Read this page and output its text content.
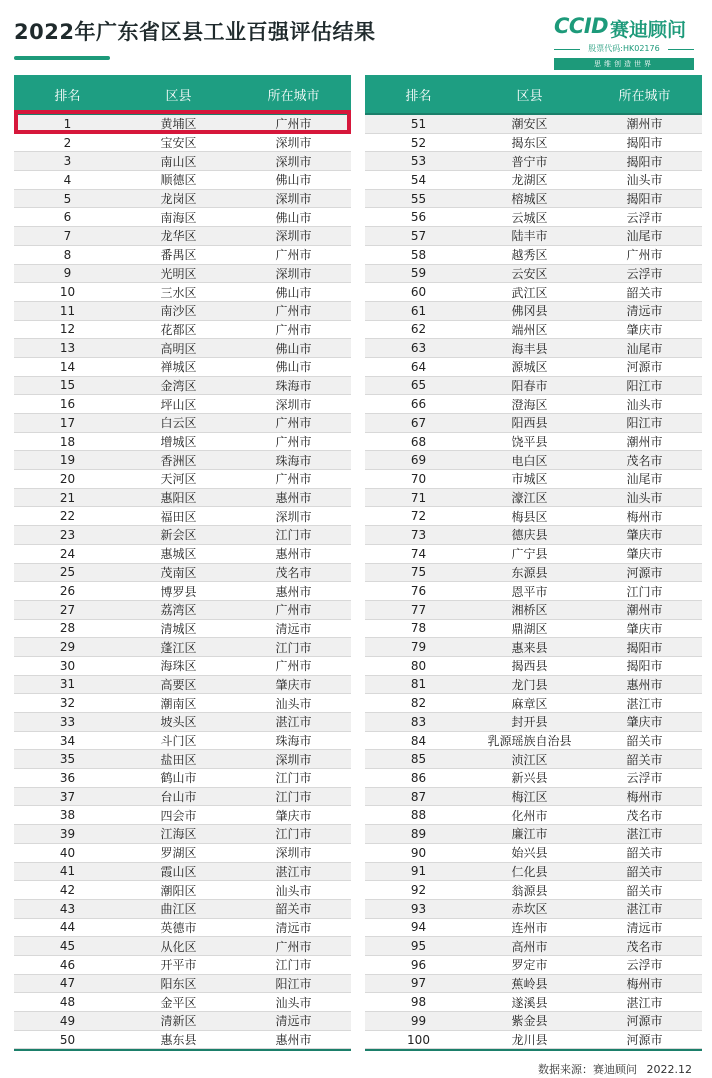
2022年广东省区县工业百强评估结果	CCID 赛迪顾问
股票代码:HK02176
思维创造世界
排名	区县	所在城市
1	黄埔区	广州市
2	宝安区	深圳市
3	南山区	深圳市
4	顺德区	佛山市
5	龙岗区	深圳市
6	南海区	佛山市
7	龙华区	深圳市
8	番禺区	广州市
9	光明区	深圳市
10	三水区	佛山市
11	南沙区	广州市
12	花都区	广州市
13	高明区	佛山市
14	禅城区	佛山市
15	金湾区	珠海市
16	坪山区	深圳市
17	白云区	广州市
18	增城区	广州市
19	香洲区	珠海市
20	天河区	广州市
21	惠阳区	惠州市
22	福田区	深圳市
23	新会区	江门市
24	惠城区	惠州市
25	茂南区	茂名市
26	博罗县	惠州市
27	荔湾区	广州市
28	清城区	清远市
29	蓬江区	江门市
30	海珠区	广州市
31	高要区	肇庆市
32	潮南区	汕头市
33	坡头区	湛江市
34	斗门区	珠海市
35	盐田区	深圳市
36	鹤山市	江门市
37	台山市	江门市
38	四会市	肇庆市
39	江海区	江门市
40	罗湖区	深圳市
41	霞山区	湛江市
42	潮阳区	汕头市
43	曲江区	韶关市
44	英德市	清远市
45	从化区	广州市
46	开平市	江门市
47	阳东区	阳江市
48	金平区	汕头市
49	清新区	清远市
50	惠东县	惠州市
排名	区县	所在城市
51	潮安区	潮州市
52	揭东区	揭阳市
53	普宁市	揭阳市
54	龙湖区	汕头市
55	榕城区	揭阳市
56	云城区	云浮市
57	陆丰市	汕尾市
58	越秀区	广州市
59	云安区	云浮市
60	武江区	韶关市
61	佛冈县	清远市
62	端州区	肇庆市
63	海丰县	汕尾市
64	源城区	河源市
65	阳春市	阳江市
66	澄海区	汕头市
67	阳西县	阳江市
68	饶平县	潮州市
69	电白区	茂名市
70	市城区	汕尾市
71	濠江区	汕头市
72	梅县区	梅州市
73	德庆县	肇庆市
74	广宁县	肇庆市
75	东源县	河源市
76	恩平市	江门市
77	湘桥区	潮州市
78	鼎湖区	肇庆市
79	惠来县	揭阳市
80	揭西县	揭阳市
81	龙门县	惠州市
82	麻章区	湛江市
83	封开县	肇庆市
84	乳源瑶族自治县	韶关市
85	浈江区	韶关市
86	新兴县	云浮市
87	梅江区	梅州市
88	化州市	茂名市
89	廉江市	湛江市
90	始兴县	韶关市
91	仁化县	韶关市
92	翁源县	韶关市
93	赤坎区	湛江市
94	连州市	清远市
95	高州市	茂名市
96	罗定市	云浮市
97	蕉岭县	梅州市
98	遂溪县	湛江市
99	紫金县	河源市
100	龙川县	河源市
数据来源：赛迪顾问 2022.12
